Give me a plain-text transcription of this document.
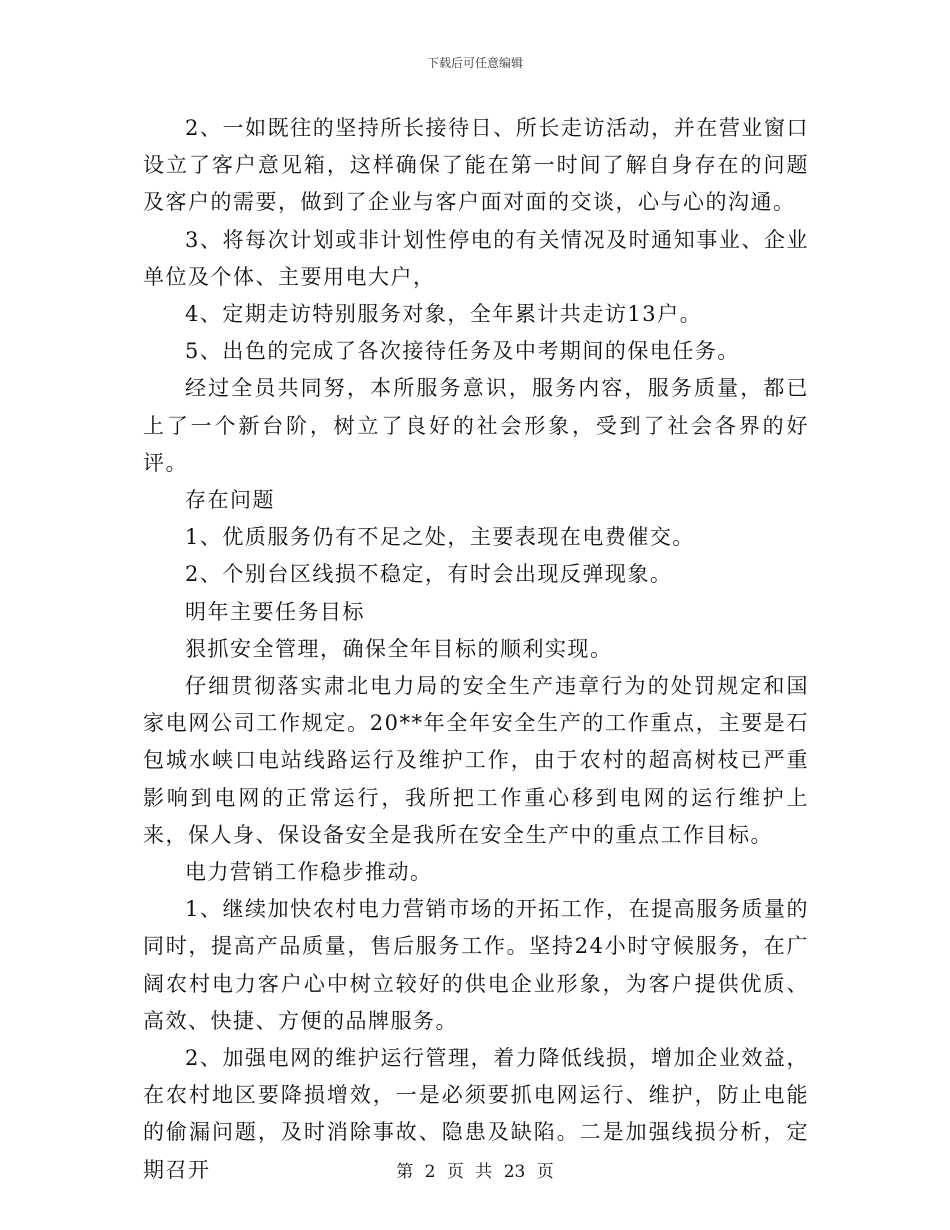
下载后可任意编辑

2、一如既往的坚持所长接待日、所长走访活动，并在营业窗口设立了客户意见箱，这样确保了能在第一时间了解自身存在的问题及客户的需要，做到了企业与客户面对面的交谈，心与心的沟通。

3、将每次计划或非计划性停电的有关情况及时通知事业、企业单位及个体、主要用电大户，

4、定期走访特别服务对象，全年累计共走访13户。

5、出色的完成了各次接待任务及中考期间的保电任务。

经过全员共同努，本所服务意识，服务内容，服务质量，都已上了一个新台阶，树立了良好的社会形象，受到了社会各界的好评。

存在问题

1、优质服务仍有不足之处，主要表现在电费催交。

2、个别台区线损不稳定，有时会出现反弹现象。

明年主要任务目标

狠抓安全管理，确保全年目标的顺利实现。

仔细贯彻落实肃北电力局的安全生产违章行为的处罚规定和国家电网公司工作规定。20**年全年安全生产的工作重点，主要是石包城水峡口电站线路运行及维护工作，由于农村的超高树枝已严重影响到电网的正常运行，我所把工作重心移到电网的运行维护上来，保人身、保设备安全是我所在安全生产中的重点工作目标。

电力营销工作稳步推动。

1、继续加快农村电力营销市场的开拓工作，在提高服务质量的同时，提高产品质量，售后服务工作。坚持24小时守候服务，在广阔农村电力客户心中树立较好的供电企业形象，为客户提供优质、高效、快捷、方便的品牌服务。

2、加强电网的维护运行管理，着力降低线损，增加企业效益，在农村地区要降损增效，一是必须要抓电网运行、维护，防止电能的偷漏问题，及时消除事故、隐患及缺陷。二是加强线损分析，定期召开	第 2 页 共 23 页
